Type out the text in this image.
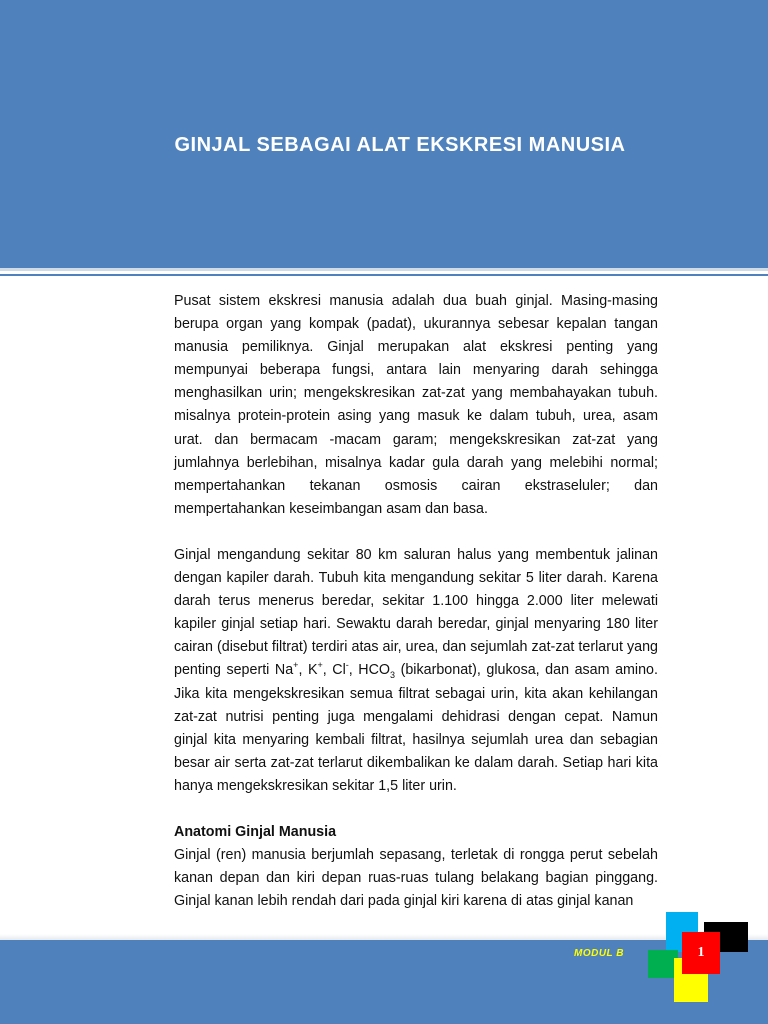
GINJAL SEBAGAI ALAT EKSKRESI MANUSIA

Pusat sistem ekskresi manusia adalah dua buah ginjal. Masing-masing berupa organ yang kompak (padat), ukurannya sebesar kepalan tangan manusia pemiliknya. Ginjal merupakan alat ekskresi penting yang mempunyai beberapa fungsi, antara lain menyaring darah sehingga menghasilkan urin; mengekskresikan zat-zat yang membahayakan tubuh. misalnya protein-protein asing yang masuk ke dalam tubuh, urea, asam urat. dan bermacam -macam garam; mengekskresikan zat-zat yang jumlahnya berlebihan, misalnya kadar gula darah yang melebihi normal; mempertahankan tekanan osmosis cairan ekstraseluler; dan mempertahankan keseimbangan asam dan basa.

Ginjal mengandung sekitar 80 km saluran halus yang membentuk jalinan dengan kapiler darah. Tubuh kita mengandung sekitar 5 liter darah. Karena darah terus menerus beredar, sekitar 1.100 hingga 2.000 liter melewati kapiler ginjal setiap hari. Sewaktu darah beredar, ginjal menyaring 180 liter cairan (disebut filtrat) terdiri atas air, urea, dan sejumlah zat-zat terlarut yang penting seperti Na+, K+, Cl-, $HCO_3$ (bikarbonat), glukosa, dan asam amino. Jika kita mengekskresikan semua filtrat sebagai urin, kita akan kehilangan zat-zat nutrisi penting juga mengalami dehidrasi dengan cepat. Namun ginjal kita menyaring kembali filtrat, hasilnya sejumlah urea dan sebagian besar air serta zat-zat terlarut dikembalikan ke dalam darah. Setiap hari kita hanya mengekskresikan sekitar 1,5 liter urin.

Anatomi Ginjal Manusia

Ginjal (ren) manusia berjumlah sepasang, terletak di rongga perut sebelah kanan depan dan kiri depan ruas-ruas tulang belakang bagian pinggang. Ginjal kanan lebih rendah dari pada ginjal kiri karena di atas ginjal kanan

MODUL B	1
